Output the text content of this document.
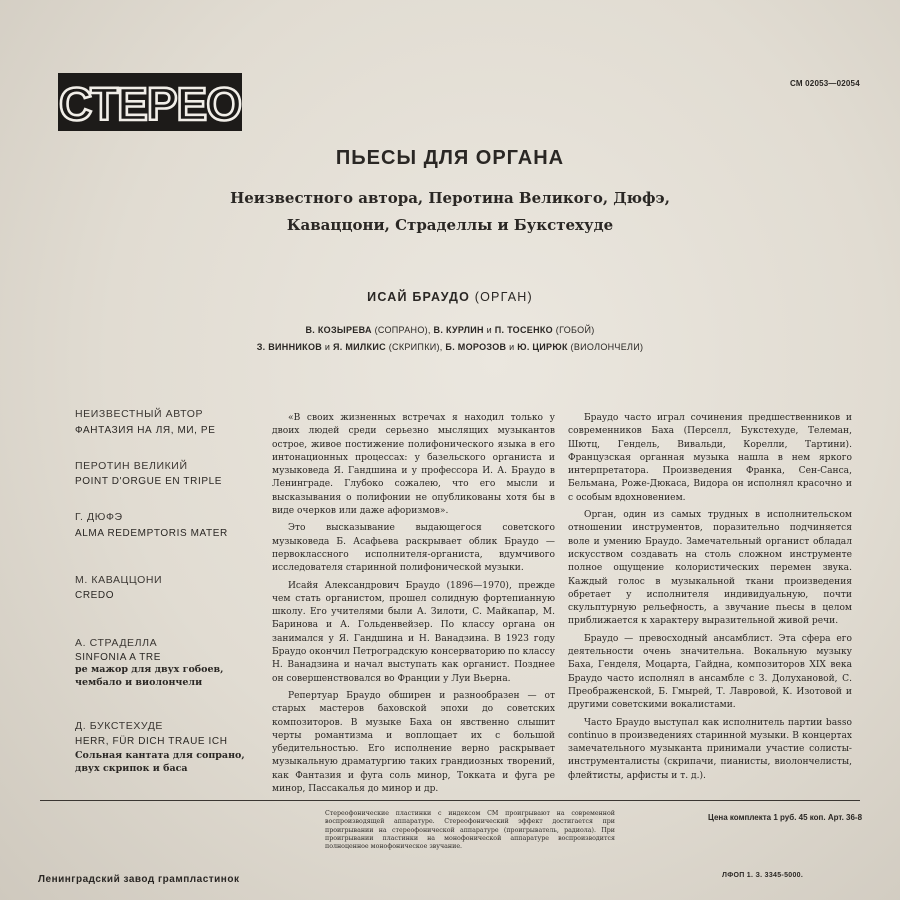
СТЕРЕО	СМ 02053—02054
ПЬЕСЫ ДЛЯ ОРГАНА
Неизвестного автора, Перотина Великого, Дюфэ,
Каваццони, Страделлы и Букстехуде
ИСАЙ БРАУДО (ОРГАН)
В. КОЗЫРЕВА (СОПРАНО), В. КУРЛИН и П. ТОСЕНКО (ГОБОЙ)
З. ВИННИКОВ и Я. МИЛКИС (СКРИПКИ), Б. МОРОЗОВ и Ю. ЦИРЮК (ВИОЛОНЧЕЛИ)
НЕИЗВЕСТНЫЙ АВТОР
ФАНТАЗИЯ НА ЛЯ, МИ, РЕ
ПЕРОТИН ВЕЛИКИЙ
POINT D'ORGUE EN TRIPLE
Г. ДЮФЭ
ALMA REDEMPTORIS MATER
М. КАВАЦЦОНИ
CREDO
А. СТРАДЕЛЛА
SINFONIA A TRE
ре мажор для двух гобоев, чембало и виолончели
Д. БУКСТЕХУДЕ
HERR, FÜR DICH TRAUE ICH
Сольная кантата для сопрано, двух скрипок и баса

«В своих жизненных встречах я находил только у двоих людей среди серьезно мыслящих музыкантов острое, живое постижение полифонического языка в его интонационных процессах: у базельского органиста и музыковеда Я. Гандшина и у профессора И. А. Браудо в Ленинграде. Глубоко сожалею, что его мысли и высказывания о полифонии не опубликованы хотя бы в виде очерков или даже афоризмов».

Это высказывание выдающегося советского музыковеда Б. Асафьева раскрывает облик Браудо — первоклассного исполнителя-органиста, вдумчивого исследователя старинной полифонической музыки.

Исайя Александрович Браудо (1896—1970), прежде чем стать органистом, прошел солидную фортепианную школу. Его учителями были А. Зилоти, С. Майкапар, М. Баринова и А. Гольденвейзер. По классу органа он занимался у Я. Гандшина и Н. Ванадзина. В 1923 году Браудо окончил Петроградскую консерваторию по классу Н. Ванадзина и начал выступать как органист. Позднее он совершенствовался во Франции у Луи Вьерна.

Репертуар Браудо обширен и разнообразен — от старых мастеров баховской эпохи до советских композиторов. В музыке Баха он явственно слышит черты романтизма и воплощает их с большой убедительностью. Его исполнение верно раскрывает музыкальную драматургию таких грандиозных творений, как Фантазия и фуга соль минор, Токката и фуга ре минор, Пассакалья до минор и др.

Браудо часто играл сочинения предшественников и современников Баха (Перселл, Букстехуде, Телеман, Шютц, Гендель, Вивальди, Корелли, Тартини). Французская органная музыка нашла в нем яркого интерпретатора. Произведения Франка, Сен-Санса, Бельмана, Роже-Дюкаса, Видора он исполнял красочно и с особым вдохновением.

Орган, один из самых трудных в исполнительском отношении инструментов, поразительно подчиняется воле и умению Браудо. Замечательный органист обладал искусством создавать на столь сложном инструменте полное ощущение колористических перемен звука. Каждый голос в музыкальной ткани произведения обретает у исполнителя индивидуальную, почти скульптурную рельефность, а звучание пьесы в целом приближается к характеру выразительной живой речи.

Браудо — превосходный ансамблист. Эта сфера его деятельности очень значительна. Вокальную музыку Баха, Генделя, Моцарта, Гайдна, композиторов XIX века Браудо часто исполнял в ансамбле с З. Долухановой, С. Преображенской, Б. Гмырей, Т. Лавровой, К. Изотовой и другими советскими вокалистами.

Часто Браудо выступал как исполнитель партии basso continuo в произведениях старинной музыки. В концертах замечательного музыканта принимали участие солисты-инструменталисты (скрипачи, пианисты, виолончелисты, флейтисты, арфисты и т. д.).

Стереофонические пластинки с индексом СМ проигрывают на современной воспроизводящей аппаратуре. Стереофонический эффект достигается при проигрывании на стереофонической аппаратуре (проигрыватель, радиола). При проигрывании пластинки на монофонической аппаратуре воспроизводится полноценное монофоническое звучание.
Цена комплекта 1 руб. 45 коп. Арт. 36-8
Ленинградский завод грампластинок	ЛФОП 1. З. 3345-5000.
